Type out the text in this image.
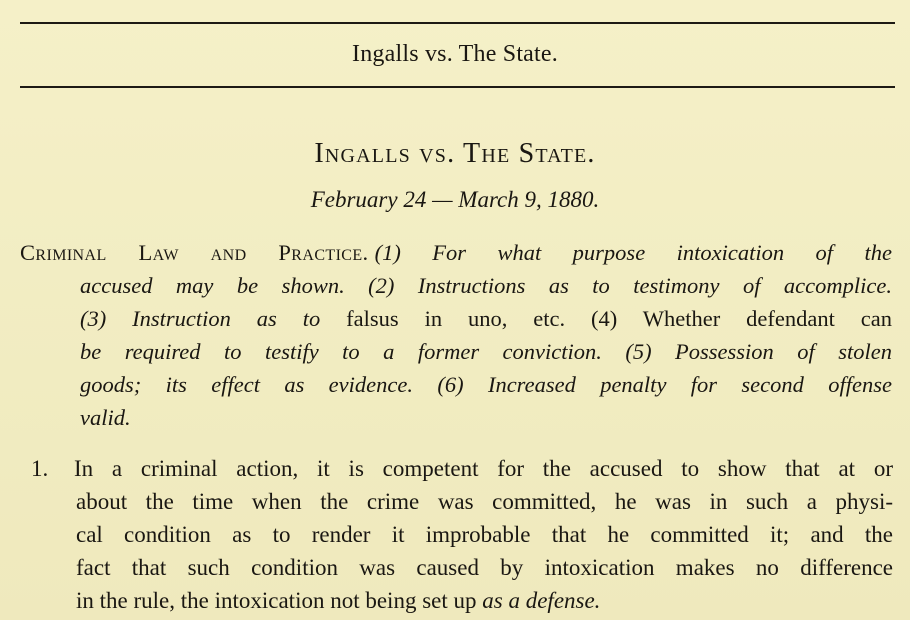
Ingalls vs. The State.
Ingalls vs. The State.
February 24 — March 9, 1880.
Criminal Law and Practice. (1) For what purpose intoxication of the
accused may be shown. (2) Instructions as to testimony of accomplice.
(3) Instruction as to falsus in uno, etc. (4) Whether defendant can
be required to testify to a former conviction. (5) Possession of stolen
goods; its effect as evidence. (6) Increased penalty for second offense
valid.
1. In a criminal action, it is competent for the accused to show that at or
about the time when the crime was committed, he was in such a physi-
cal condition as to render it improbable that he committed it; and the
fact that such condition was caused by intoxication makes no difference
in the rule, the intoxication not being set up as a defense.
